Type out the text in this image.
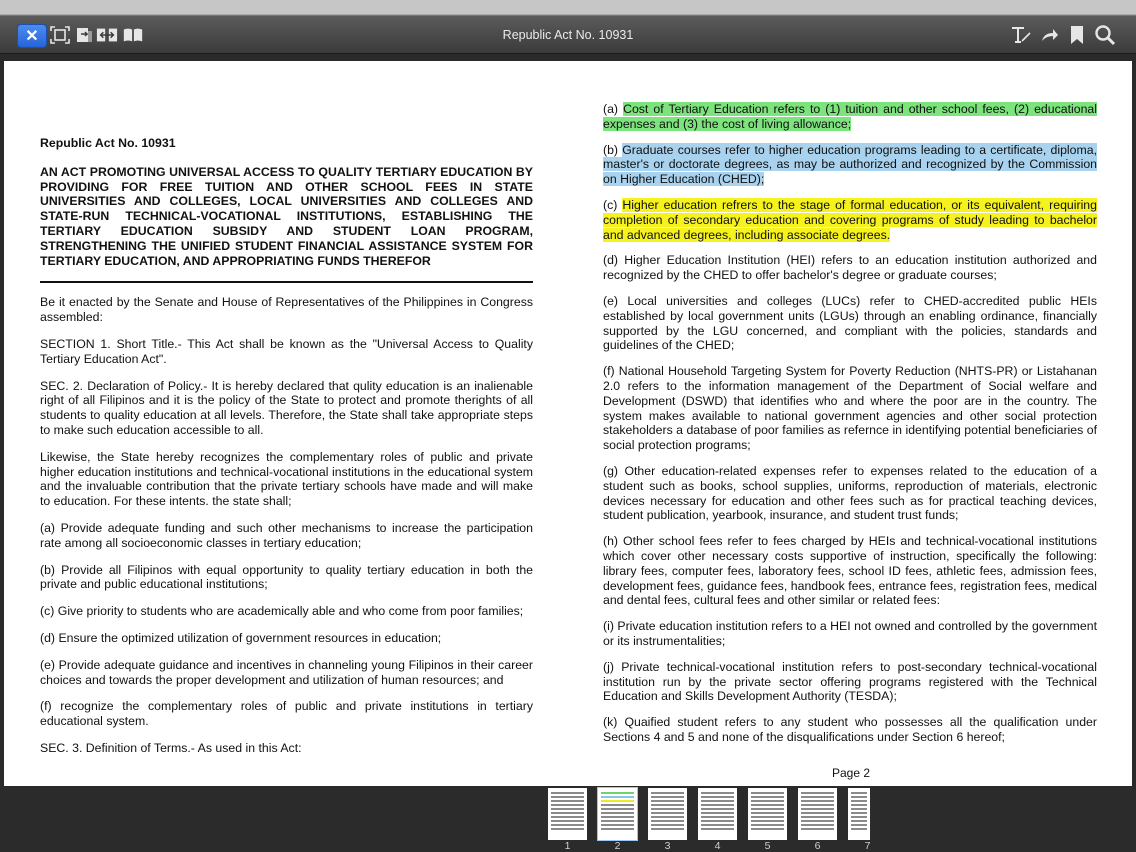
✕	Republic Act No. 10931

Republic Act No. 10931

AN ACT PROMOTING UNIVERSAL ACCESS TO QUALITY TERTIARY EDUCATION BY PROVIDING FOR FREE TUITION AND OTHER SCHOOL FEES IN STATE UNIVERSITIES AND COLLEGES, LOCAL UNIVERSITIES AND COLLEGES AND STATE-RUN TECHNICAL-VOCATIONAL INSTITUTIONS, ESTABLISHING THE TERTIARY EDUCATION SUBSIDY AND STUDENT LOAN PROGRAM, STRENGTHENING THE UNIFIED STUDENT FINANCIAL ASSISTANCE SYSTEM FOR TERTIARY EDUCATION, AND APPROPRIATING FUNDS THEREFOR

Be it enacted by the Senate and House of Representatives of the Philippines in Congress assembled:

SECTION 1. Short Title.- This Act shall be known as the "Universal Access to Quality Tertiary Education Act".

SEC. 2. Declaration of Policy.- It is hereby declared that qulity education is an inalienable right of all Filipinos and it is the policy of the State to protect and promote therights of all students to quality education at all levels. Therefore, the State shall take appropriate steps to make such education accessible to all.

Likewise, the State hereby recognizes the complementary roles of public and private higher education institutions and technical-vocational institutions in the educational system and the invaluable contribution that the private tertiary schools have made and will make to education. For these intents. the state shall;

(a) Provide adequate funding and such other mechanisms to increase the participation rate among all socioeconomic classes in tertiary education;

(b) Provide all Filipinos with equal opportunity to quality tertiary education in both the private and public educational institutions;

(c) Give priority to students who are academically able and who come from poor families;

(d) Ensure the optimized utilization of government resources in education;

(e) Provide adequate guidance and incentives in channeling young Filipinos in their career choices and towards the proper development and utilization of human resources; and

(f) recognize the complementary roles of public and private institutions in tertiary educational system.

SEC. 3. Definition of Terms.- As used in this Act:

(a) Cost of Tertiary Education refers to (1) tuition and other school fees, (2) educational expenses and (3) the cost of living allowance;

(b) Graduate courses refer to higher education programs leading to a certificate, diploma, master's or doctorate degrees, as may be authorized and recognized by the Commission on Higher Education (CHED);

(c) Higher education refrers to the stage of formal education, or its equivalent, requiring completion of secondary education and covering programs of study leading to bachelor and advanced degrees, including associate degrees.

(d) Higher Education Institution (HEI) refers to an education institution authorized and recognized by the CHED to offer bachelor's degree or graduate courses;

(e) Local universities and colleges (LUCs) refer to CHED-accredited public HEIs established by local government units (LGUs) through an enabling ordinance, financially supported by the LGU concerned, and compliant with the policies, standards and guidelines of the CHED;

(f) National Household Targeting System for Poverty Reduction (NHTS-PR) or Listahanan 2.0 refers to the information management of the Department of Social welfare and Development (DSWD) that identifies who and where the poor are in the country. The system makes available to national government agencies and other social protection stakeholders a database of poor families as refernce in identifying potential beneficiaries of social protection programs;

(g) Other education-related expenses refer to expenses related to the education of a student such as books, school supplies, uniforms, reproduction of materials, electronic devices necessary for education and other fees such as for practical teaching devices, student publication, yearbook, insurance, and student trust funds;

(h) Other school fees refer to fees charged by HEIs and technical-vocational institutions which cover other necessary costs supportive of instruction, specifically the following: library fees, computer fees, laboratory fees, school ID fees, athletic fees, admission fees, development fees, guidance fees, handbook fees, entrance fees, registration fees, medical and dental fees, cultural fees and other similar or related fees:

(i) Private education institution refers to a HEI not owned and controlled by the government or its instrumentalities;

(j) Private technical-vocational institution refers to post-secondary technical-vocational institution run by the private sector offering programs registered with the Technical Education and Skills Development Authority (TESDA);

(k) Quaified student refers to any student who possesses all the qualification under Sections 4 and 5 and none of the disqualifications under Section 6 hereof;

Page 2
1	2	3	4	5	6	7
